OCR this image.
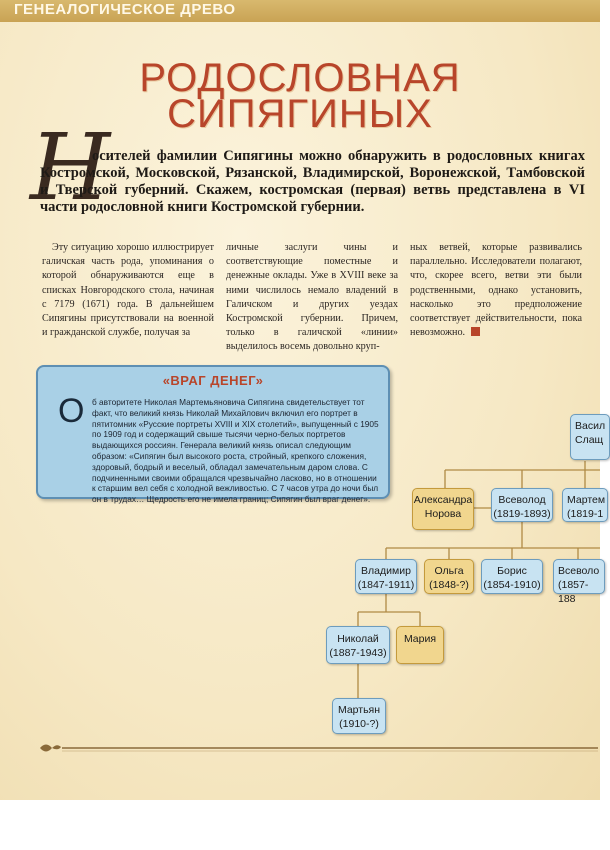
ГЕНЕАЛОГИЧЕСКОЕ ДРЕВО
РОДОСЛОВНАЯ
СИПЯГИНЫХ
Н

осителей фамилии Сипягины можно обнаружить в родословных книгах Костромской, Московской, Рязанской, Владимирской, Воронежской, Тамбовской и Тверской губерний. Скажем, костромская (первая) ветвь представлена в VI части родословной книги Костромской губернии.

Эту ситуацию хорошо иллюстрирует галичская часть рода, упоминания о которой обнаруживаются еще в списках Новгородского стола, начиная с 7179 (1671) года. В дальнейшем Сипягины присутствовали на военной и гражданской службе, получая за

личные заслуги чины и соответствующие поместные и денежные оклады. Уже в XVIII веке за ними числилось немало владений в Галичском и других уездах Костромской губернии. Причем, только в галичской «линии» выделилось восемь довольно круп-

ных ветвей, которые развивались параллельно. Исследователи полагают, что, скорее всего, ветви эти были родственными, однако установить, насколько это предположение соответствует действительности, пока невозможно.

«ВРАГ ДЕНЕГ»
О б авторитете Николая Мартемьяновича Сипягина свидетельствует тот факт, что великий князь Николай Михайлович включил его портрет в пятитомник «Русские портреты XVIII и XIX столетий», выпущенный с 1905 по 1909 год и содержащий свыше тысячи черно-белых портретов выдающихся россиян. Генерала великий князь описал следующим образом: «Сипягин был высокого роста, стройный, крепкого сложения, здоровый, бодрый и веселый, обладал замечательным даром слова. С подчиненными своими обращался чрезвычайно ласково, но в отношении к старшим вел себя с холодной вежливостью. С 7 часов утра до ночи был он в трудах… Щедрость его не имела границ; Сипягин был враг денег».

Васил
Слащ
Александра
Норова
Всеволод
(1819-1893)
Мартем
(1819-1
Владимир
(1847-1911)
Ольга
(1848-?)
Борис
(1854-1910)
Всеволо
(1857-188
Николай
(1887-1943)
Мария
Мартьян
(1910-?)
